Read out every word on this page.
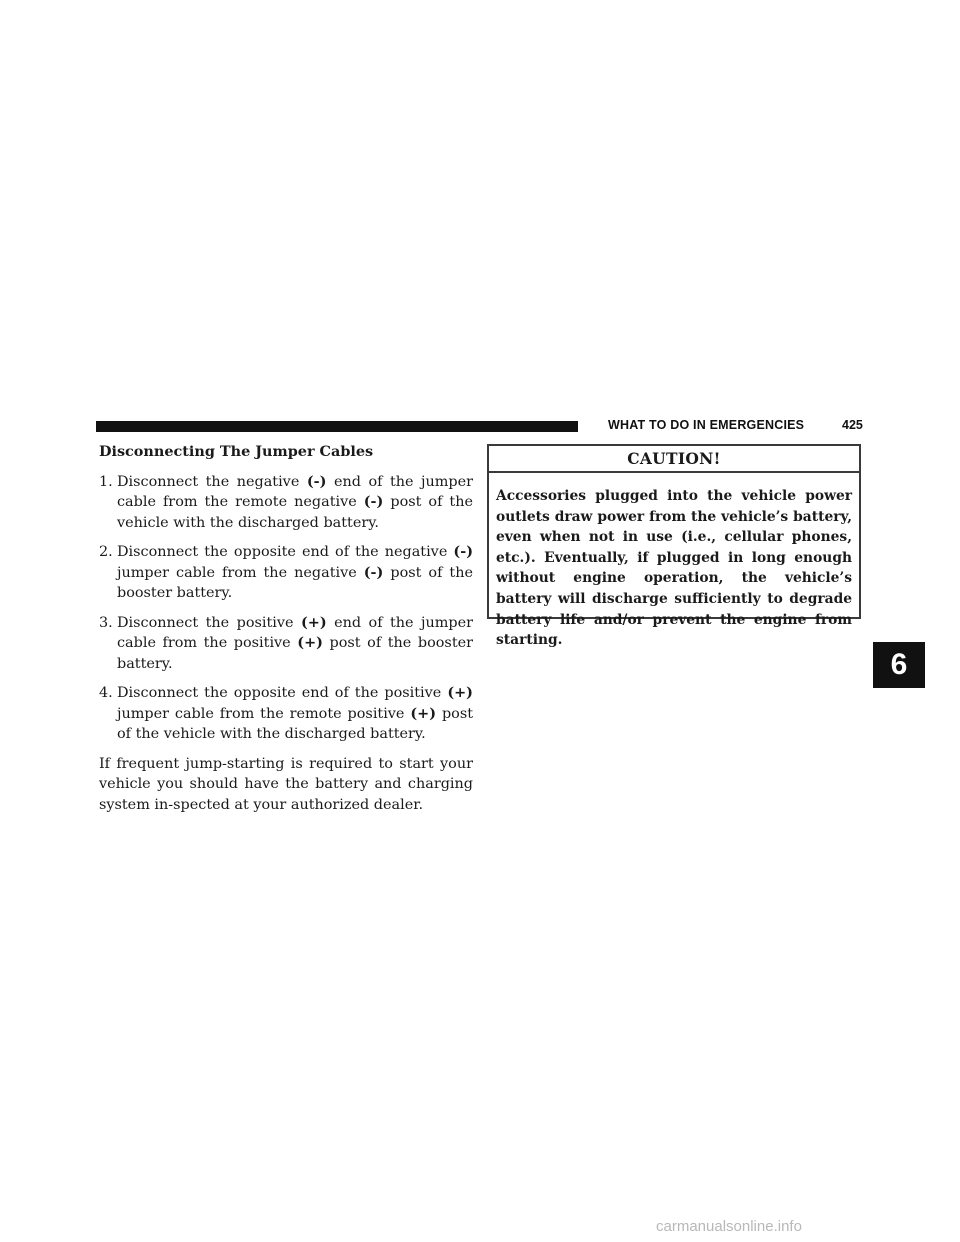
WHAT TO DO IN EMERGENCIES	425
Disconnecting The Jumper Cables
1. Disconnect the negative (-) end of the jumper cable from the remote negative (-) post of the vehicle with the discharged battery.
2. Disconnect the opposite end of the negative (-) jumper cable from the negative (-) post of the booster battery.
3. Disconnect the positive (+) end of the jumper cable from the positive (+) post of the booster battery.
4. Disconnect the opposite end of the positive (+) jumper cable from the remote positive (+) post of the vehicle with the discharged battery.

If frequent jump-starting is required to start your vehicle you should have the battery and charging system in-spected at your authorized dealer.

CAUTION!
Accessories plugged into the vehicle power outlets draw power from the vehicle’s battery, even when not in use (i.e., cellular phones, etc.). Eventually, if plugged in long enough without engine operation, the vehicle’s battery will discharge sufficiently to degrade battery life and/or prevent the engine from starting.
6
carmanualsonline.info
